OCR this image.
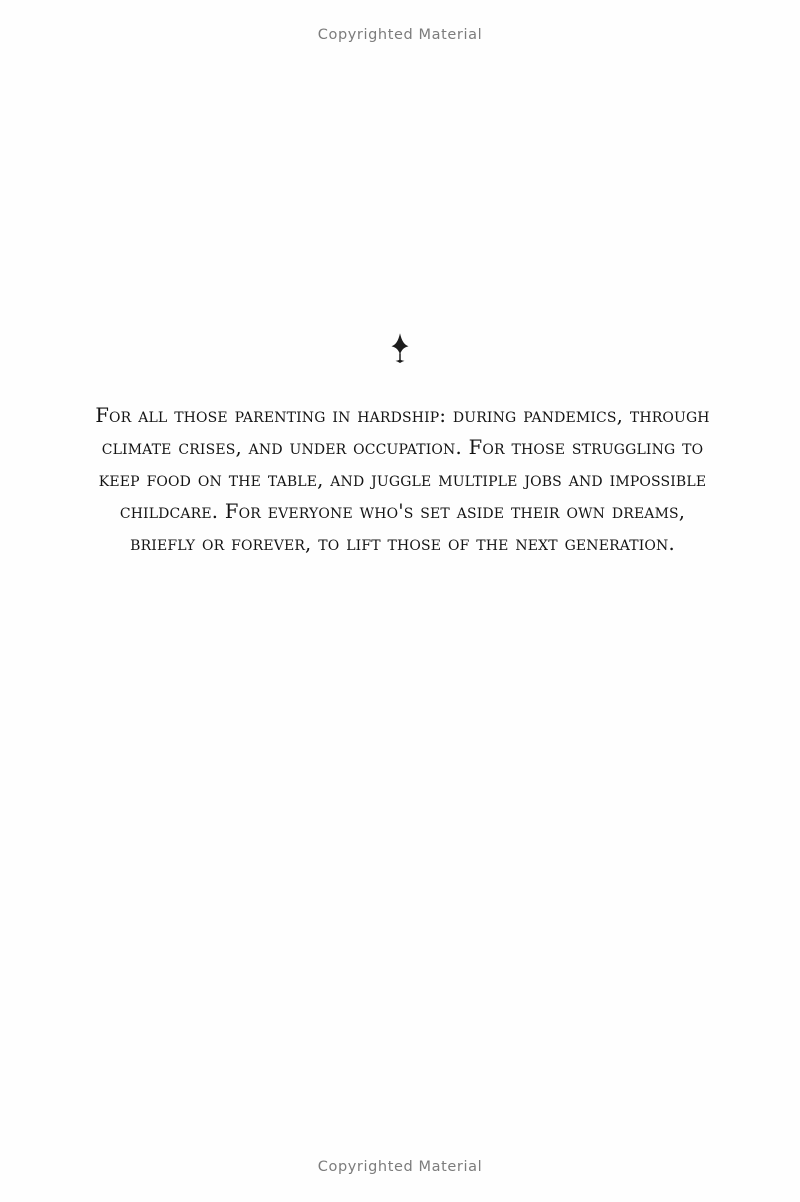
Copyrighted Material
For all those parenting in hardship: during pandemics, through climate crises, and under occupation. For those struggling to keep food on the table, and juggle multiple jobs and impossible childcare. For everyone who's set aside their own dreams, briefly or forever, to lift those of the next generation.
Copyrighted Material
